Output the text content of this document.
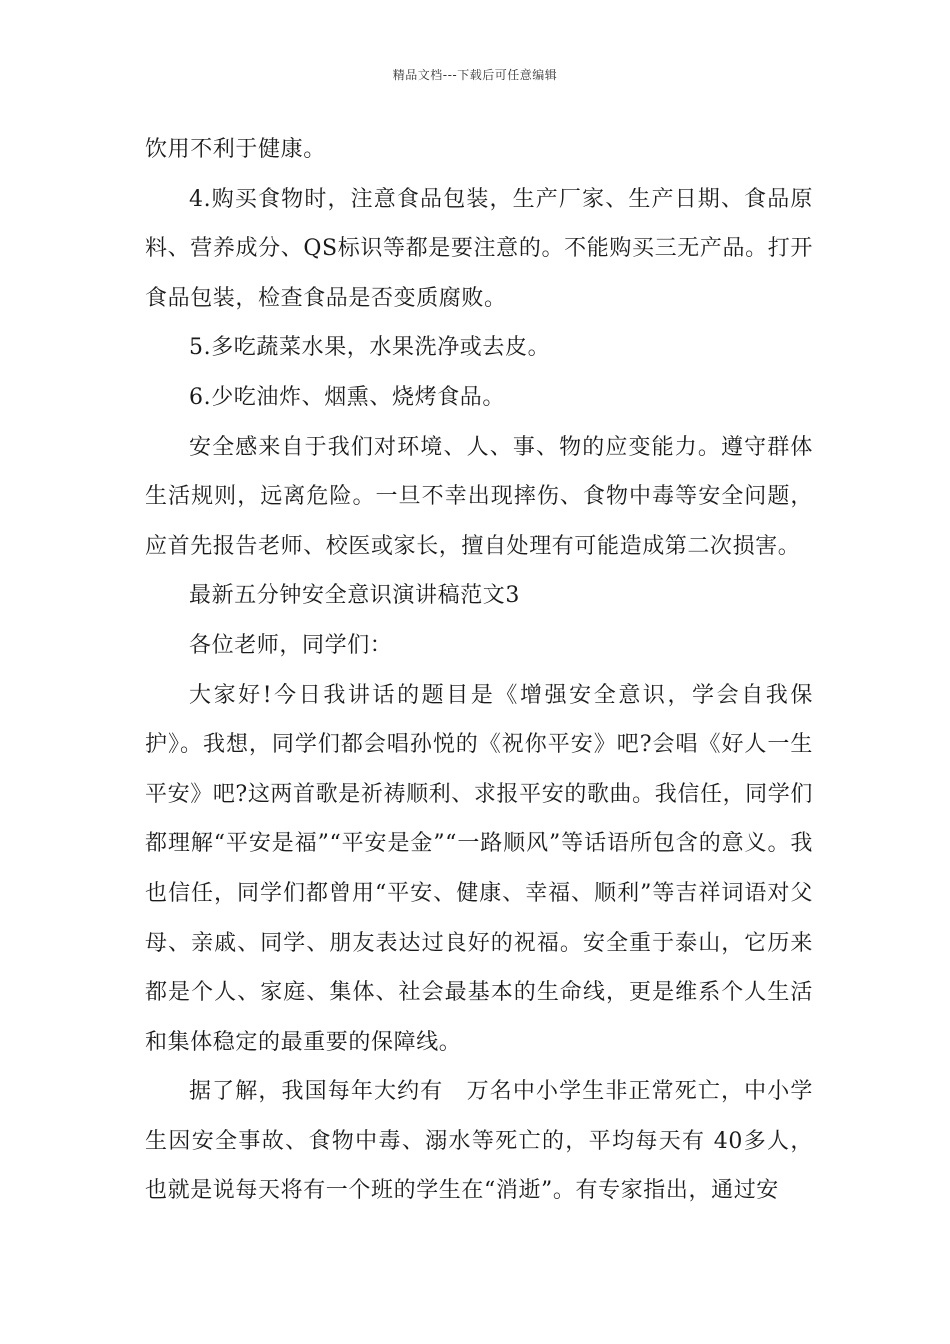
精品文档---下载后可任意编辑

饮用不利于健康。

4.购买食物时，注意食品包装，生产厂家、生产日期、食品原料、营养成分、QS标识等都是要注意的。不能购买三无产品。打开食品包装，检查食品是否变质腐败。

5.多吃蔬菜水果，水果洗净或去皮。

6.少吃油炸、烟熏、烧烤食品。

安全感来自于我们对环境、人、事、物的应变能力。遵守群体生活规则，远离危险。一旦不幸出现摔伤、食物中毒等安全问题，应首先报告老师、校医或家长，擅自处理有可能造成第二次损害。

最新五分钟安全意识演讲稿范文3

各位老师，同学们：

大家好!今日我讲话的题目是《增强安全意识，学会自我保护》。我想，同学们都会唱孙悦的《祝你平安》吧?会唱《好人一生平安》吧?这两首歌是祈祷顺利、求报平安的歌曲。我信任，同学们都理解“平安是福”“平安是金”“一路顺风”等话语所包含的意义。我也信任，同学们都曾用“平安、健康、幸福、顺利”等吉祥词语对父母、亲戚、同学、朋友表达过良好的祝福。安全重于泰山，它历来都是个人、家庭、集体、社会最基本的生命线，更是维系个人生活和集体稳定的最重要的保障线。

据了解，我国每年大约有　万名中小学生非正常死亡，中小学生因安全事故、食物中毒、溺水等死亡的，平均每天有 40多人，也就是说每天将有一个班的学生在“消逝”。有专家指出，通过安
